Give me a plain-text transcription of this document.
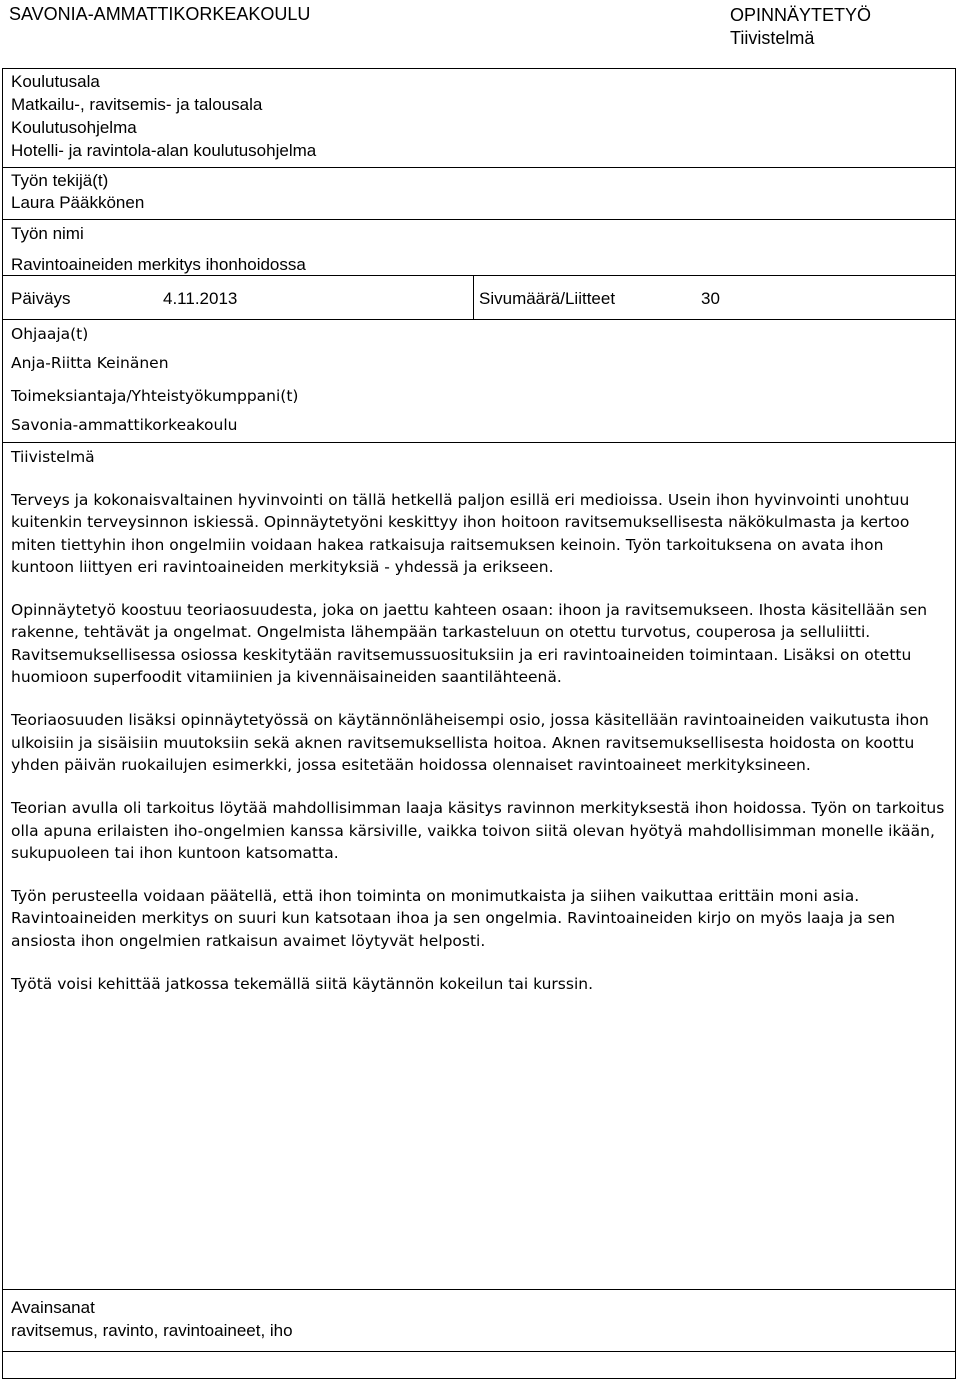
SAVONIA-AMMATTIKORKEAKOULU	OPINNÄYTETYÖ
Tiivistelmä
Koulutusala
Matkailu-, ravitsemis- ja talousala
Koulutusohjelma
Hotelli- ja ravintola-alan koulutusohjelma
Työn tekijä(t)
Laura Pääkkönen
Työn nimi
Ravintoaineiden merkitys ihonhoidossa
Päiväys	4.11.2013	Sivumäärä/Liitteet	30
Ohjaaja(t)
Anja-Riitta Keinänen
Toimeksiantaja/Yhteistyökumppani(t)
Savonia-ammattikorkeakoulu
Tiivistelmä

Terveys ja kokonaisvaltainen hyvinvointi on tällä hetkellä paljon esillä eri medioissa. Usein ihon hyvinvointi unohtuu kuitenkin terveysinnon iskiessä. Opinnäytetyöni keskittyy ihon hoitoon ravitsemuksellisesta näkökulmasta ja kertoo miten tiettyhin ihon ongelmiin voidaan hakea ratkaisuja raitsemuksen keinoin. Työn tarkoituksena on avata ihon kuntoon liittyen eri ravintoaineiden merkityksiä - yhdessä ja erikseen.

Opinnäytetyö koostuu teoriaosuudesta, joka on jaettu kahteen osaan: ihoon ja ravitsemukseen. Ihosta käsitellään sen rakenne, tehtävät ja ongelmat. Ongelmista lähempään tarkasteluun on otettu turvotus, couperosa ja selluliitti. Ravitsemuksellisessa osiossa keskitytään ravitsemussuosituksiin ja eri ravintoaineiden toimintaan. Lisäksi on otettu huomioon superfoodit vitamiinien ja kivennäisaineiden saantilähteenä.

Teoriaosuuden lisäksi opinnäytetyössä on käytännönläheisempi osio, jossa käsitellään ravintoaineiden vaikutusta ihon ulkoisiin ja sisäisiin muutoksiin sekä aknen ravitsemuksellista hoitoa. Aknen ravitsemuksellisesta hoidosta on koottu yhden päivän ruokailujen esimerkki, jossa esitetään hoidossa olennaiset ravintoaineet merkityksineen.

Teorian avulla oli tarkoitus löytää mahdollisimman laaja käsitys ravinnon merkityksestä ihon hoidossa. Työn on tarkoitus olla apuna erilaisten iho-ongelmien kanssa kärsiville, vaikka toivon siitä olevan hyötyä mahdollisimman monelle ikään, sukupuoleen tai ihon kuntoon katsomatta.

Työn perusteella voidaan päätellä, että ihon toiminta on monimutkaista ja siihen vaikuttaa erittäin moni asia. Ravintoaineiden merkitys on suuri kun katsotaan ihoa ja sen ongelmia. Ravintoaineiden kirjo on myös laaja ja sen ansiosta ihon ongelmien ratkaisun avaimet löytyvät helposti.

Työtä voisi kehittää jatkossa tekemällä siitä käytännön kokeilun tai kurssin.

Avainsanat
ravitsemus, ravinto, ravintoaineet, iho
